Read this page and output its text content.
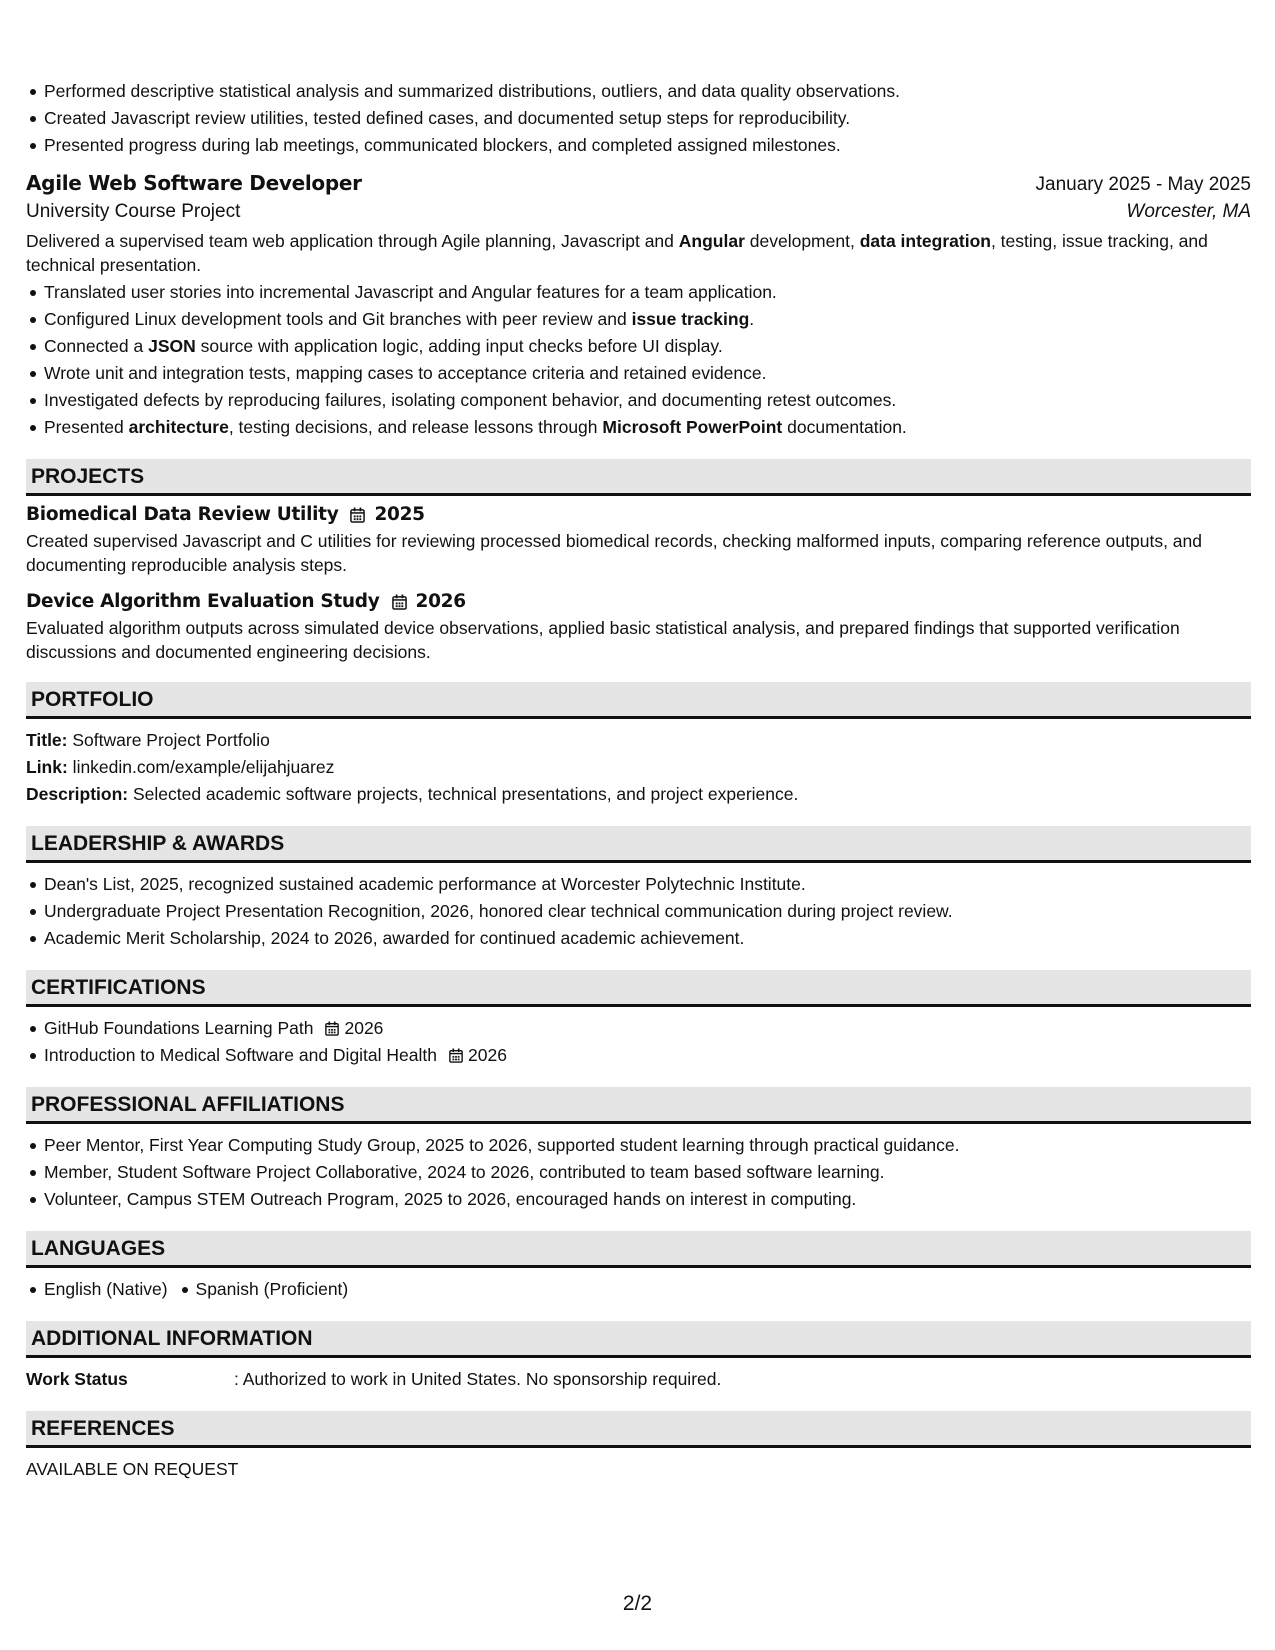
Performed descriptive statistical analysis and summarized distributions, outliers, and data quality observations.
Created Javascript review utilities, tested defined cases, and documented setup steps for reproducibility.
Presented progress during lab meetings, communicated blockers, and completed assigned milestones.
Agile Web Software Developer	January 2025 - May 2025
University Course Project	Worcester, MA
Delivered a supervised team web application through Agile planning, Javascript and Angular development, data integration, testing, issue tracking, and technical presentation.
Translated user stories into incremental Javascript and Angular features for a team application.
Configured Linux development tools and Git branches with peer review and issue tracking.
Connected a JSON source with application logic, adding input checks before UI display.
Wrote unit and integration tests, mapping cases to acceptance criteria and retained evidence.
Investigated defects by reproducing failures, isolating component behavior, and documenting retest outcomes.
Presented architecture, testing decisions, and release lessons through Microsoft PowerPoint documentation.
PROJECTS
Biomedical Data Review Utility 2025
Created supervised Javascript and C utilities for reviewing processed biomedical records, checking malformed inputs, comparing reference outputs, and documenting reproducible analysis steps.
Device Algorithm Evaluation Study 2026
Evaluated algorithm outputs across simulated device observations, applied basic statistical analysis, and prepared findings that supported verification discussions and documented engineering decisions.
PORTFOLIO
Title: Software Project Portfolio
Link: linkedin.com/example/elijahjuarez
Description: Selected academic software projects, technical presentations, and project experience.
LEADERSHIP & AWARDS
Dean's List, 2025, recognized sustained academic performance at Worcester Polytechnic Institute.
Undergraduate Project Presentation Recognition, 2026, honored clear technical communication during project review.
Academic Merit Scholarship, 2024 to 2026, awarded for continued academic achievement.
CERTIFICATIONS
GitHub Foundations Learning Path 2026
Introduction to Medical Software and Digital Health 2026
PROFESSIONAL AFFILIATIONS
Peer Mentor, First Year Computing Study Group, 2025 to 2026, supported student learning through practical guidance.
Member, Student Software Project Collaborative, 2024 to 2026, contributed to team based software learning.
Volunteer, Campus STEM Outreach Program, 2025 to 2026, encouraged hands on interest in computing.
LANGUAGES
English (Native) Spanish (Proficient)
ADDITIONAL INFORMATION
Work Status	: Authorized to work in United States. No sponsorship required.
REFERENCES
AVAILABLE ON REQUEST
2/2
